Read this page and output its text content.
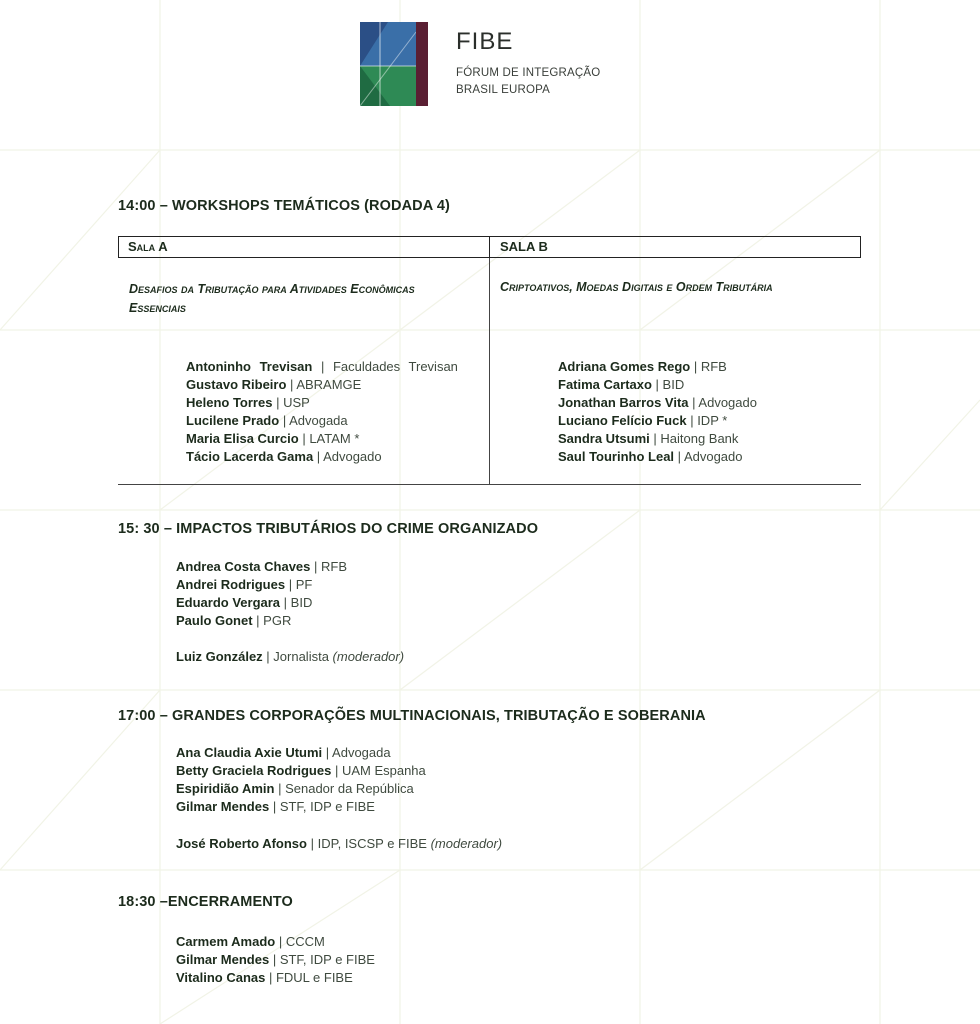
FIBE
FÓRUM DE INTEGRAÇÃO
BRASIL EUROPA
14:00 – WORKSHOPS TEMÁTICOS (RODADA 4)
Sala A	SALA B
Desafios da Tributação para Atividades Econômicas Essenciais
Antoninho Trevisan | Faculdades Trevisan
Gustavo Ribeiro | ABRAMGE
Heleno Torres | USP
Lucilene Prado | Advogada
Maria Elisa Curcio | LATAM *
Tácio Lacerda Gama | Advogado
Criptoativos, Moedas Digitais e Ordem Tributária
Adriana Gomes Rego | RFB
Fatima Cartaxo | BID
Jonathan Barros Vita | Advogado
Luciano Felício Fuck | IDP *
Sandra Utsumi | Haitong Bank
Saul Tourinho Leal | Advogado
15: 30 – IMPACTOS TRIBUTÁRIOS DO CRIME ORGANIZADO
Andrea Costa Chaves | RFB
Andrei Rodrigues | PF
Eduardo Vergara | BID
Paulo Gonet | PGR
Luiz González | Jornalista (moderador)
17:00 – GRANDES CORPORAÇÕES MULTINACIONAIS, TRIBUTAÇÃO E SOBERANIA
Ana Claudia Axie Utumi | Advogada
Betty Graciela Rodrigues | UAM Espanha
Espiridião Amin | Senador da República
Gilmar Mendes | STF, IDP e FIBE
José Roberto Afonso | IDP, ISCSP e FIBE (moderador)
18:30 –ENCERRAMENTO
Carmem Amado | CCCM
Gilmar Mendes | STF, IDP e FIBE
Vitalino Canas | FDUL e FIBE
